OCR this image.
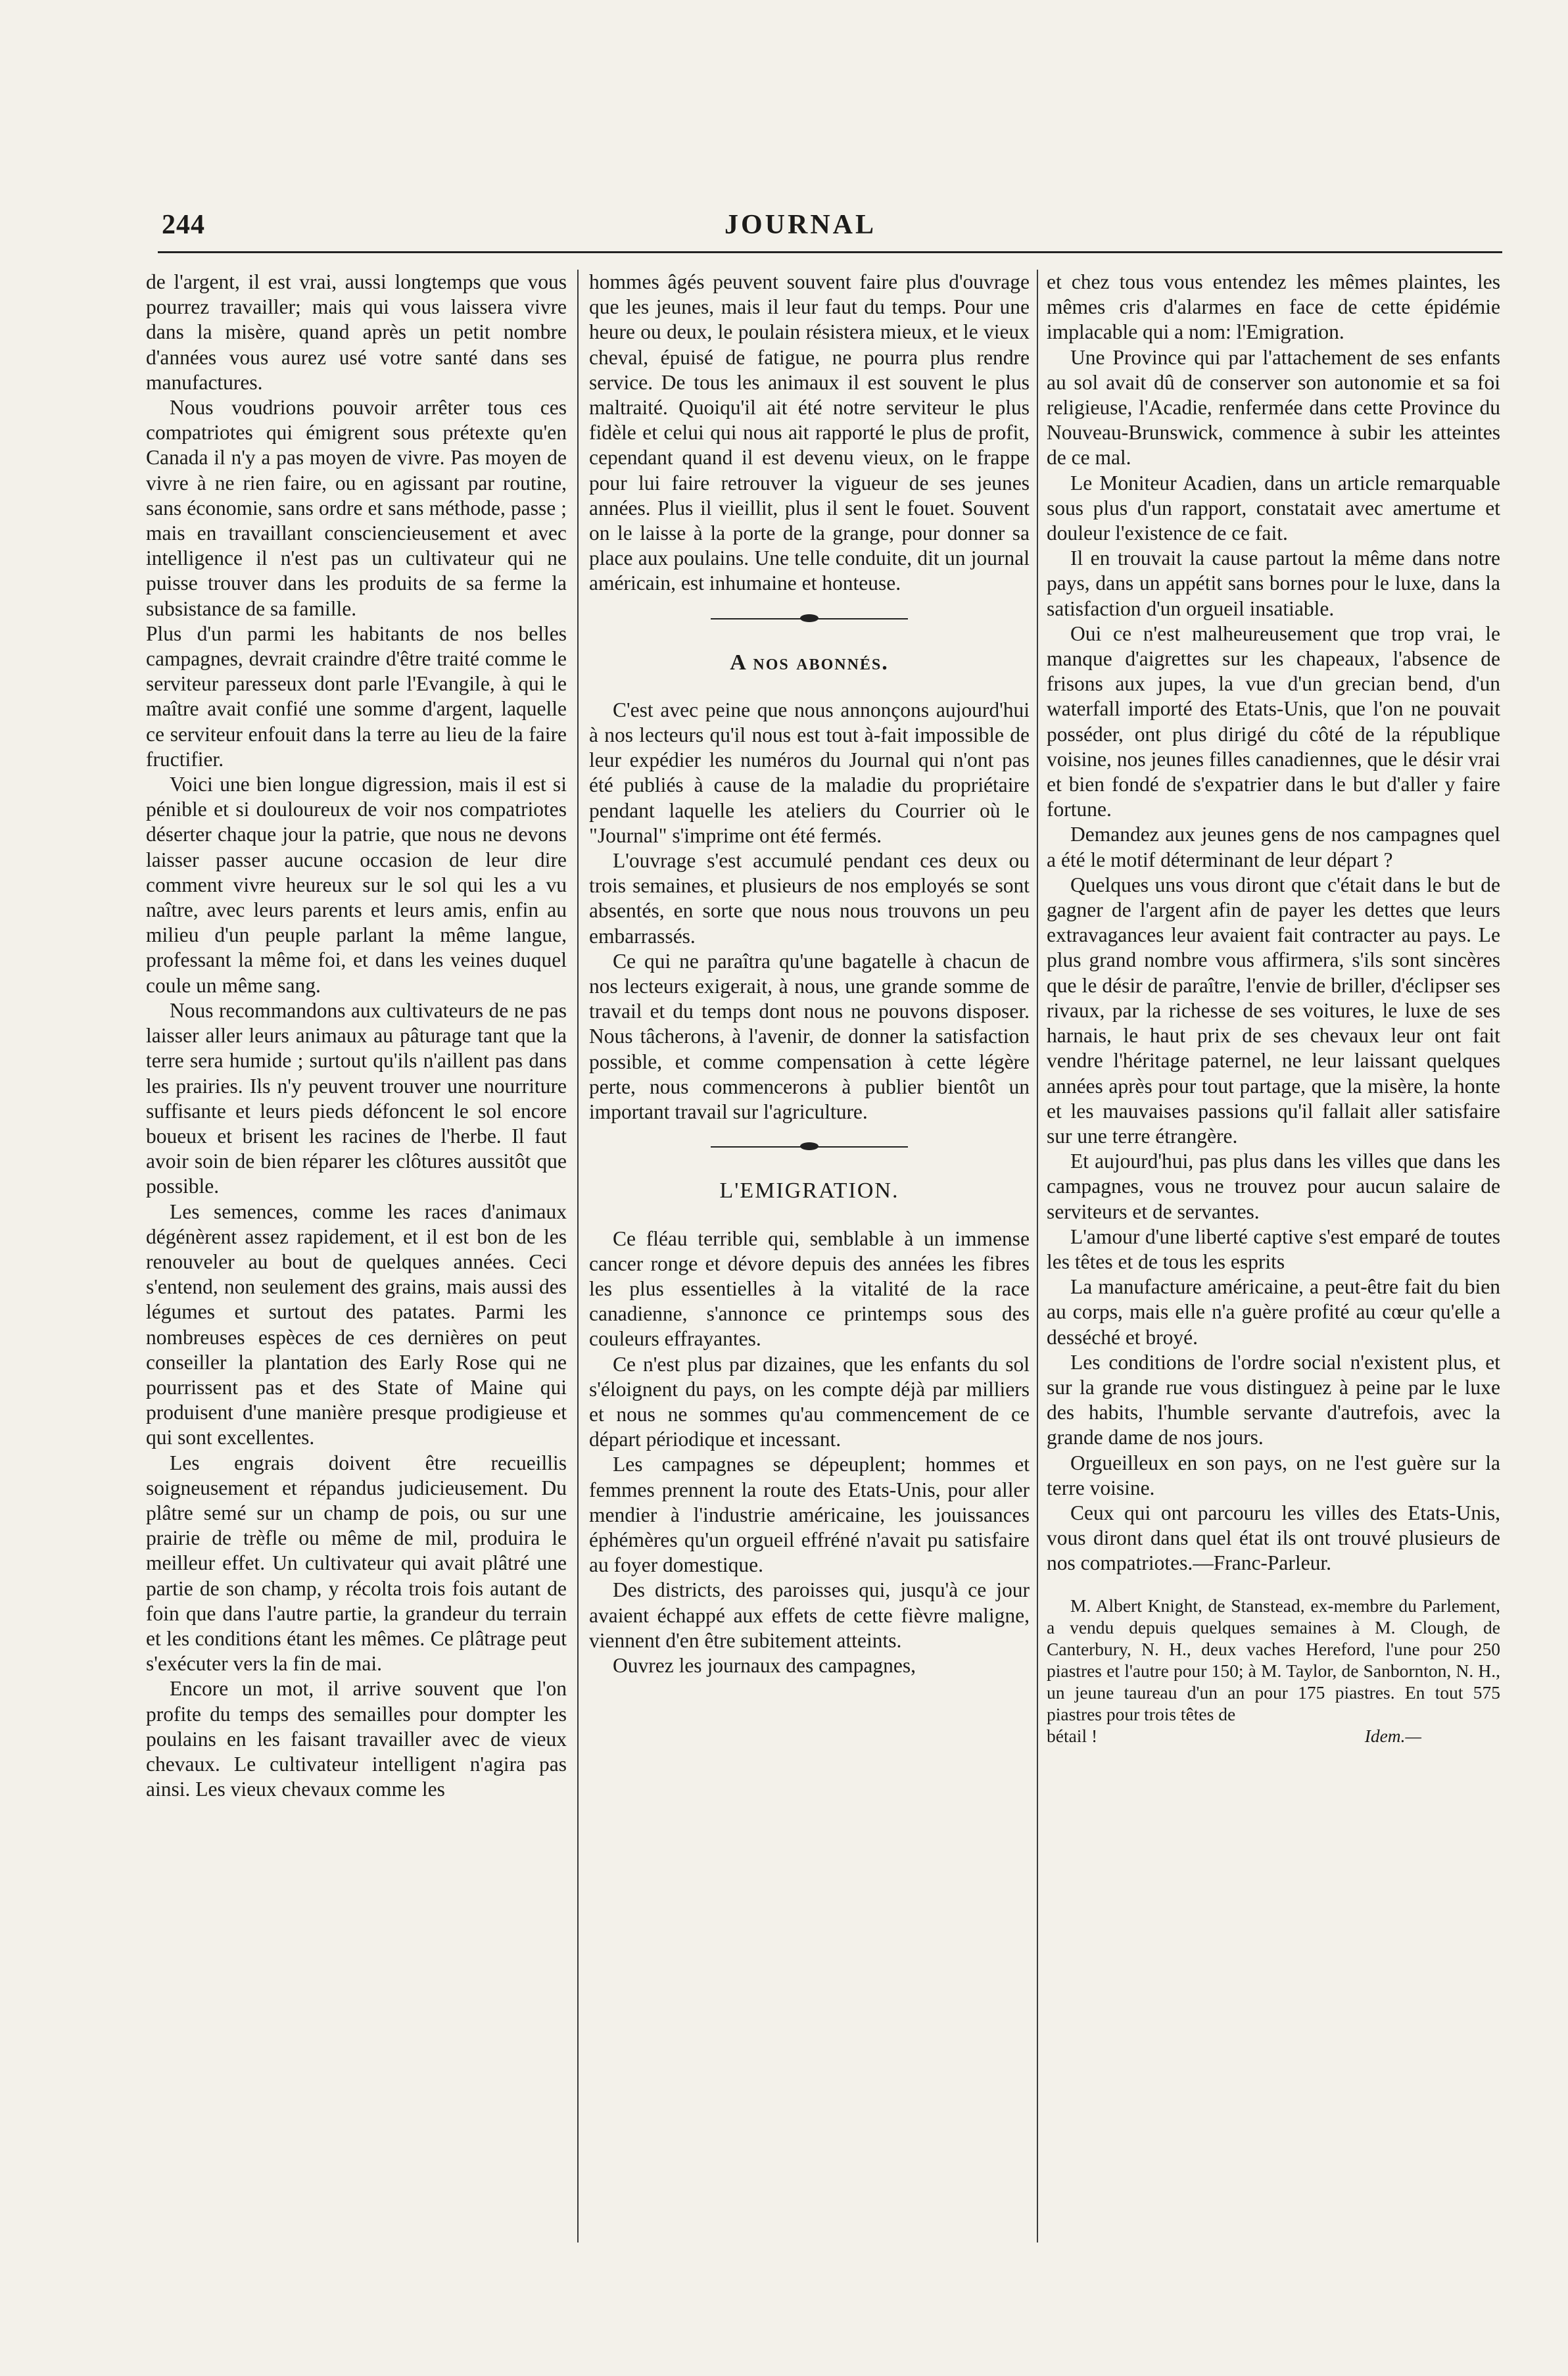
244	JOURNAL

de l'argent, il est vrai, aussi longtemps que vous pourrez travailler; mais qui vous laissera vivre dans la misère, quand après un petit nombre d'années vous aurez usé votre santé dans ses manufactures.

Nous voudrions pouvoir arrêter tous ces compatriotes qui émigrent sous prétexte qu'en Canada il n'y a pas moyen de vivre. Pas moyen de vivre à ne rien faire, ou en agissant par routine, sans économie, sans ordre et sans méthode, passe ; mais en travaillant consciencieusement et avec intelligence il n'est pas un cultivateur qui ne puisse trouver dans les produits de sa ferme la subsistance de sa famille.

Plus d'un parmi les habitants de nos belles campagnes, devrait craindre d'être traité comme le serviteur paresseux dont parle l'Evangile, à qui le maître avait confié une somme d'argent, laquelle ce serviteur enfouit dans la terre au lieu de la faire fructifier.

Voici une bien longue digression, mais il est si pénible et si douloureux de voir nos compatriotes déserter chaque jour la patrie, que nous ne devons laisser passer aucune occasion de leur dire comment vivre heureux sur le sol qui les a vu naître, avec leurs parents et leurs amis, enfin au milieu d'un peuple parlant la même langue, professant la même foi, et dans les veines duquel coule un même sang.

Nous recommandons aux cultivateurs de ne pas laisser aller leurs animaux au pâturage tant que la terre sera humide ; surtout qu'ils n'aillent pas dans les prairies. Ils n'y peuvent trouver une nourriture suffisante et leurs pieds défoncent le sol encore boueux et brisent les racines de l'herbe. Il faut avoir soin de bien réparer les clôtures aussitôt que possible.

Les semences, comme les races d'animaux dégénèrent assez rapidement, et il est bon de les renouveler au bout de quelques années. Ceci s'entend, non seulement des grains, mais aussi des légumes et surtout des patates. Parmi les nombreuses espèces de ces dernières on peut conseiller la plantation des Early Rose qui ne pourrissent pas et des State of Maine qui produisent d'une manière presque prodigieuse et qui sont excellentes.

Les engrais doivent être recueillis soigneusement et répandus judicieusement. Du plâtre semé sur un champ de pois, ou sur une prairie de trèfle ou même de mil, produira le meilleur effet. Un cultivateur qui avait plâtré une partie de son champ, y récolta trois fois autant de foin que dans l'autre partie, la grandeur du terrain et les conditions étant les mêmes. Ce plâtrage peut s'exécuter vers la fin de mai.

Encore un mot, il arrive souvent que l'on profite du temps des semailles pour dompter les poulains en les faisant travailler avec de vieux chevaux. Le cultivateur intelligent n'agira pas ainsi. Les vieux chevaux comme les

hommes âgés peuvent souvent faire plus d'ouvrage que les jeunes, mais il leur faut du temps. Pour une heure ou deux, le poulain résistera mieux, et le vieux cheval, épuisé de fatigue, ne pourra plus rendre service. De tous les animaux il est souvent le plus maltraité. Quoiqu'il ait été notre serviteur le plus fidèle et celui qui nous ait rapporté le plus de profit, cependant quand il est devenu vieux, on le frappe pour lui faire retrouver la vigueur de ses jeunes années. Plus il vieillit, plus il sent le fouet. Souvent on le laisse à la porte de la grange, pour donner sa place aux poulains. Une telle conduite, dit un journal américain, est inhumaine et honteuse.

A nos abonnés.

C'est avec peine que nous annonçons aujourd'hui à nos lecteurs qu'il nous est tout à-fait impossible de leur expédier les numéros du Journal qui n'ont pas été publiés à cause de la maladie du propriétaire pendant laquelle les ateliers du Courrier où le "Journal" s'imprime ont été fermés.

L'ouvrage s'est accumulé pendant ces deux ou trois semaines, et plusieurs de nos employés se sont absentés, en sorte que nous nous trouvons un peu embarrassés.

Ce qui ne paraîtra qu'une bagatelle à chacun de nos lecteurs exigerait, à nous, une grande somme de travail et du temps dont nous ne pouvons disposer. Nous tâcherons, à l'avenir, de donner la satisfaction possible, et comme compensation à cette légère perte, nous commencerons à publier bientôt un important travail sur l'agriculture.

L'EMIGRATION.

Ce fléau terrible qui, semblable à un immense cancer ronge et dévore depuis des années les fibres les plus essentielles à la vitalité de la race canadienne, s'annonce ce printemps sous des couleurs effrayantes.

Ce n'est plus par dizaines, que les enfants du sol s'éloignent du pays, on les compte déjà par milliers et nous ne sommes qu'au commencement de ce départ périodique et incessant.

Les campagnes se dépeuplent; hommes et femmes prennent la route des Etats-Unis, pour aller mendier à l'industrie américaine, les jouissances éphémères qu'un orgueil effréné n'avait pu satisfaire au foyer domestique.

Des districts, des paroisses qui, jusqu'à ce jour avaient échappé aux effets de cette fièvre maligne, viennent d'en être subitement atteints.

Ouvrez les journaux des campagnes,

et chez tous vous entendez les mêmes plaintes, les mêmes cris d'alarmes en face de cette épidémie implacable qui a nom: l'Emigration.

Une Province qui par l'attachement de ses enfants au sol avait dû de conserver son autonomie et sa foi religieuse, l'Acadie, renfermée dans cette Province du Nouveau-Brunswick, commence à subir les atteintes de ce mal.

Le Moniteur Acadien, dans un article remarquable sous plus d'un rapport, constatait avec amertume et douleur l'existence de ce fait.

Il en trouvait la cause partout la même dans notre pays, dans un appétit sans bornes pour le luxe, dans la satisfaction d'un orgueil insatiable.

Oui ce n'est malheureusement que trop vrai, le manque d'aigrettes sur les chapeaux, l'absence de frisons aux jupes, la vue d'un grecian bend, d'un waterfall importé des Etats-Unis, que l'on ne pouvait posséder, ont plus dirigé du côté de la république voisine, nos jeunes filles canadiennes, que le désir vrai et bien fondé de s'expatrier dans le but d'aller y faire fortune.

Demandez aux jeunes gens de nos campagnes quel a été le motif déterminant de leur départ ?

Quelques uns vous diront que c'était dans le but de gagner de l'argent afin de payer les dettes que leurs extravagances leur avaient fait contracter au pays. Le plus grand nombre vous affirmera, s'ils sont sincères que le désir de paraître, l'envie de briller, d'éclipser ses rivaux, par la richesse de ses voitures, le luxe de ses harnais, le haut prix de ses chevaux leur ont fait vendre l'héritage paternel, ne leur laissant quelques années après pour tout partage, que la misère, la honte et les mauvaises passions qu'il fallait aller satisfaire sur une terre étrangère.

Et aujourd'hui, pas plus dans les villes que dans les campagnes, vous ne trouvez pour aucun salaire de serviteurs et de servantes.

L'amour d'une liberté captive s'est emparé de toutes les têtes et de tous les esprits

La manufacture américaine, a peut-être fait du bien au corps, mais elle n'a guère profité au cœur qu'elle a desséché et broyé.

Les conditions de l'ordre social n'existent plus, et sur la grande rue vous distinguez à peine par le luxe des habits, l'humble servante d'autrefois, avec la grande dame de nos jours.

Orgueilleux en son pays, on ne l'est guère sur la terre voisine.

Ceux qui ont parcouru les villes des Etats-Unis, vous diront dans quel état ils ont trouvé plusieurs de nos compatriotes.—Franc-Parleur.

M. Albert Knight, de Stanstead, ex-membre du Parlement, a vendu depuis quelques semaines à M. Clough, de Canterbury, N. H., deux vaches Hereford, l'une pour 250 piastres et l'autre pour 150; à M. Taylor, de Sanbornton, N. H., un jeune taureau d'un an pour 175 piastres. En tout 575 piastres pour trois têtes de

bétail !	Idem.—
